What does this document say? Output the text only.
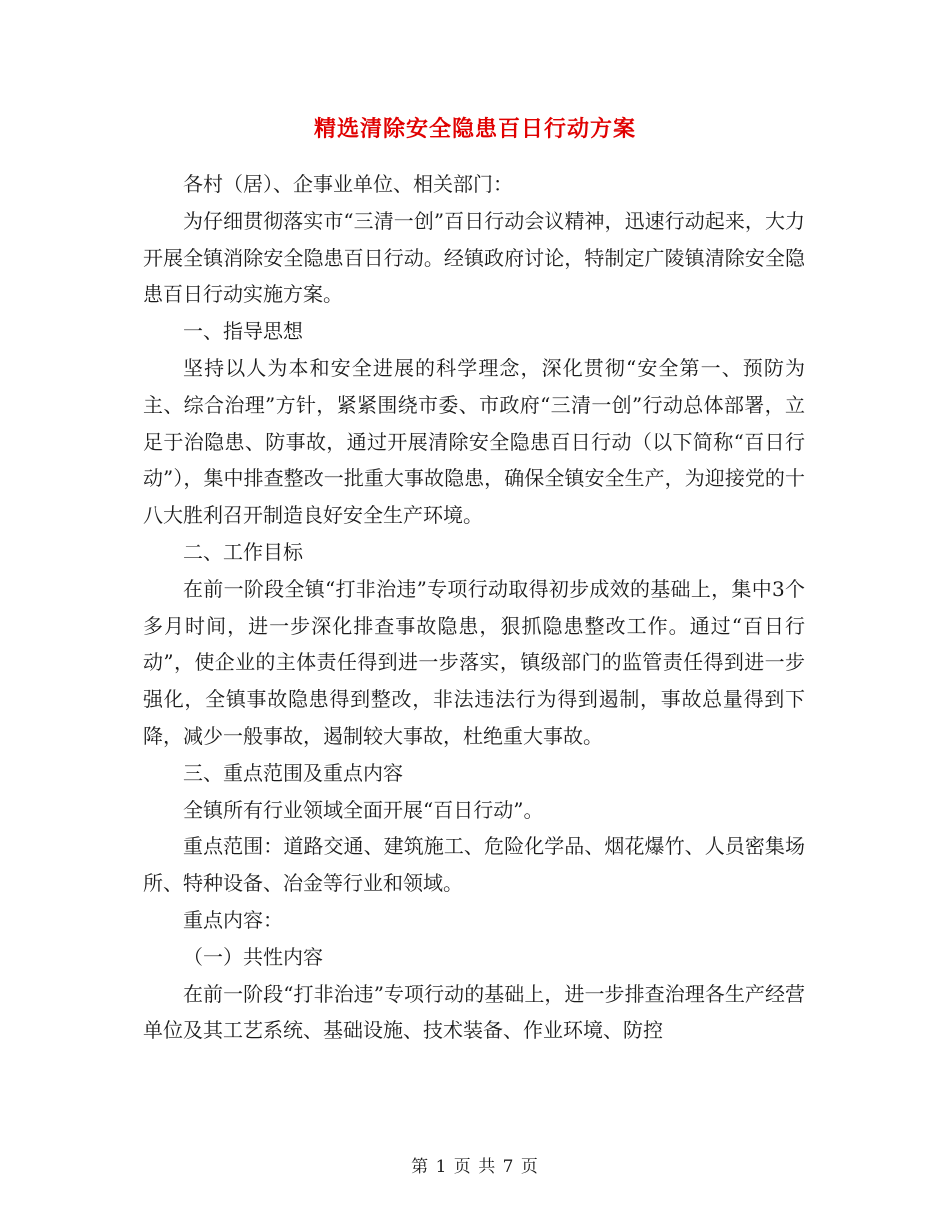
精选清除安全隐患百日行动方案

各村（居）、企事业单位、相关部门：

为仔细贯彻落实市“三清一创”百日行动会议精神，迅速行动起来，大力开展全镇消除安全隐患百日行动。经镇政府讨论，特制定广陵镇清除安全隐患百日行动实施方案。

一、指导思想

坚持以人为本和安全进展的科学理念，深化贯彻“安全第一、预防为主、综合治理”方针，紧紧围绕市委、市政府“三清一创”行动总体部署，立足于治隐患、防事故，通过开展清除安全隐患百日行动（以下简称“百日行动”），集中排查整改一批重大事故隐患，确保全镇安全生产，为迎接党的十八大胜利召开制造良好安全生产环境。

二、工作目标

在前一阶段全镇“打非治违”专项行动取得初步成效的基础上，集中3个多月时间，进一步深化排查事故隐患，狠抓隐患整改工作。通过“百日行动”，使企业的主体责任得到进一步落实，镇级部门的监管责任得到进一步强化，全镇事故隐患得到整改，非法违法行为得到遏制，事故总量得到下降，减少一般事故，遏制较大事故，杜绝重大事故。

三、重点范围及重点内容

全镇所有行业领域全面开展“百日行动”。

重点范围：道路交通、建筑施工、危险化学品、烟花爆竹、人员密集场所、特种设备、冶金等行业和领域。

重点内容：

（一）共性内容

在前一阶段“打非治违”专项行动的基础上，进一步排查治理各生产经营单位及其工艺系统、基础设施、技术装备、作业环境、防控

第 1 页 共 7 页
